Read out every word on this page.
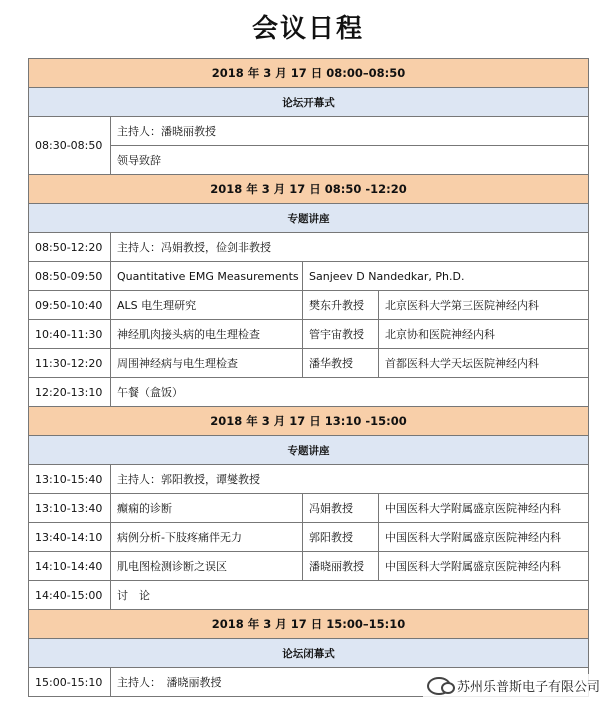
会议日程
2018 年 3 月 17 日 08:00–08:50			
论坛开幕式			
08:30-08:50	主持人：潘晓丽教授		
	领导致辞		
2018 年 3 月 17 日 08:50 -12:20			
专题讲座			
08:50-12:20	主持人：冯娟教授，俭剑非教授		
08:50-09:50	Quantitative EMG Measurements	Sanjeev D Nandedkar, Ph.D.	
09:50-10:40	ALS 电生理研究	樊东升教授	北京医科大学第三医院神经内科
10:40-11:30	神经肌肉接头病的电生理检查	管宇宙教授	北京协和医院神经内科
11:30-12:20	周围神经病与电生理检查	潘华教授	首都医科大学天坛医院神经内科
12:20-13:10	午餐（盒饭）		
2018 年 3 月 17 日 13:10 -15:00			
专题讲座			
13:10-15:40	主持人：郭阳教授，谭燮教授		
13:10-13:40	癫痫的诊断	冯娟教授	中国医科大学附属盛京医院神经内科
13:40-14:10	病例分析-下肢疼痛伴无力	郭阳教授	中国医科大学附属盛京医院神经内科
14:10-14:40	肌电图检测诊断之误区	潘晓丽教授	中国医科大学附属盛京医院神经内科
14:40-15:00	讨　论		
2018 年 3 月 17 日 15:00–15:10			
论坛闭幕式			
15:00-15:10	主持人：　潘晓丽教授			苏州乐普斯电子有限公司
